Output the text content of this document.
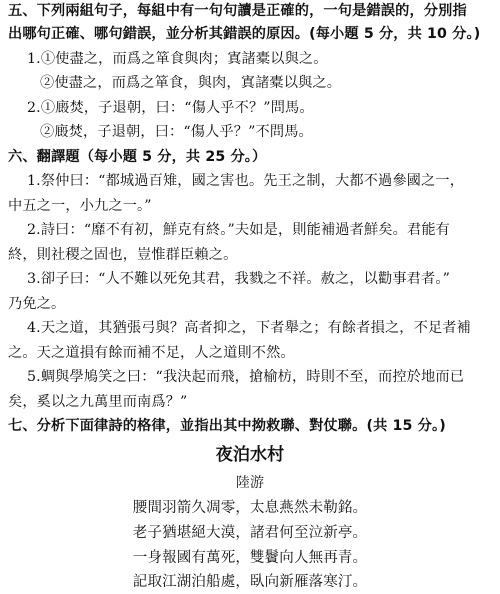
五、下列兩組句子，每組中有一句句讀是正確的，一句是錯誤的，分別指
出哪句正確、哪句錯誤，並分析其錯誤的原因。(每小題 5 分，共 10 分。)
1.①使盡之，而爲之箪食與肉；寘諸橐以與之。
②使盡之，而爲之箪食，與肉，寘諸橐以與之。
2.①廄焚，子退朝，曰：“傷人乎不？”問馬。
②廄焚，子退朝，曰：“傷人乎？”不問馬。
六、翻譯題（每小題 5 分，共 25 分。）
1.祭仲曰：“都城過百雉，國之害也。先王之制，大都不過參國之一，
中五之一，小九之一。”
2.詩曰：“靡不有初，鮮克有終。”夫如是，則能補過者鮮矣。君能有
終，則社稷之固也，豈惟群臣賴之。
3.卻子曰：“人不難以死免其君，我戮之不祥。赦之，以勸事君者。”
乃免之。
4.天之道，其猶張弓與？高者抑之，下者舉之；有餘者損之，不足者補
之。天之道損有餘而補不足，人之道則不然。
5.蜩與學鳩笑之曰：“我決起而飛，搶榆枋，時則不至，而控於地而已
矣，奚以之九萬里而南爲？”
七、分析下面律詩的格律，並指出其中拗救聯、對仗聯。(共 15 分。)
夜泊水村
陸游
腰間羽箭久凋零，太息燕然未勒銘。
老子猶堪絕大漠，諸君何至泣新亭。
一身報國有萬死，雙鬢向人無再青。
記取江湖泊船處，臥向新雁落寒汀。
